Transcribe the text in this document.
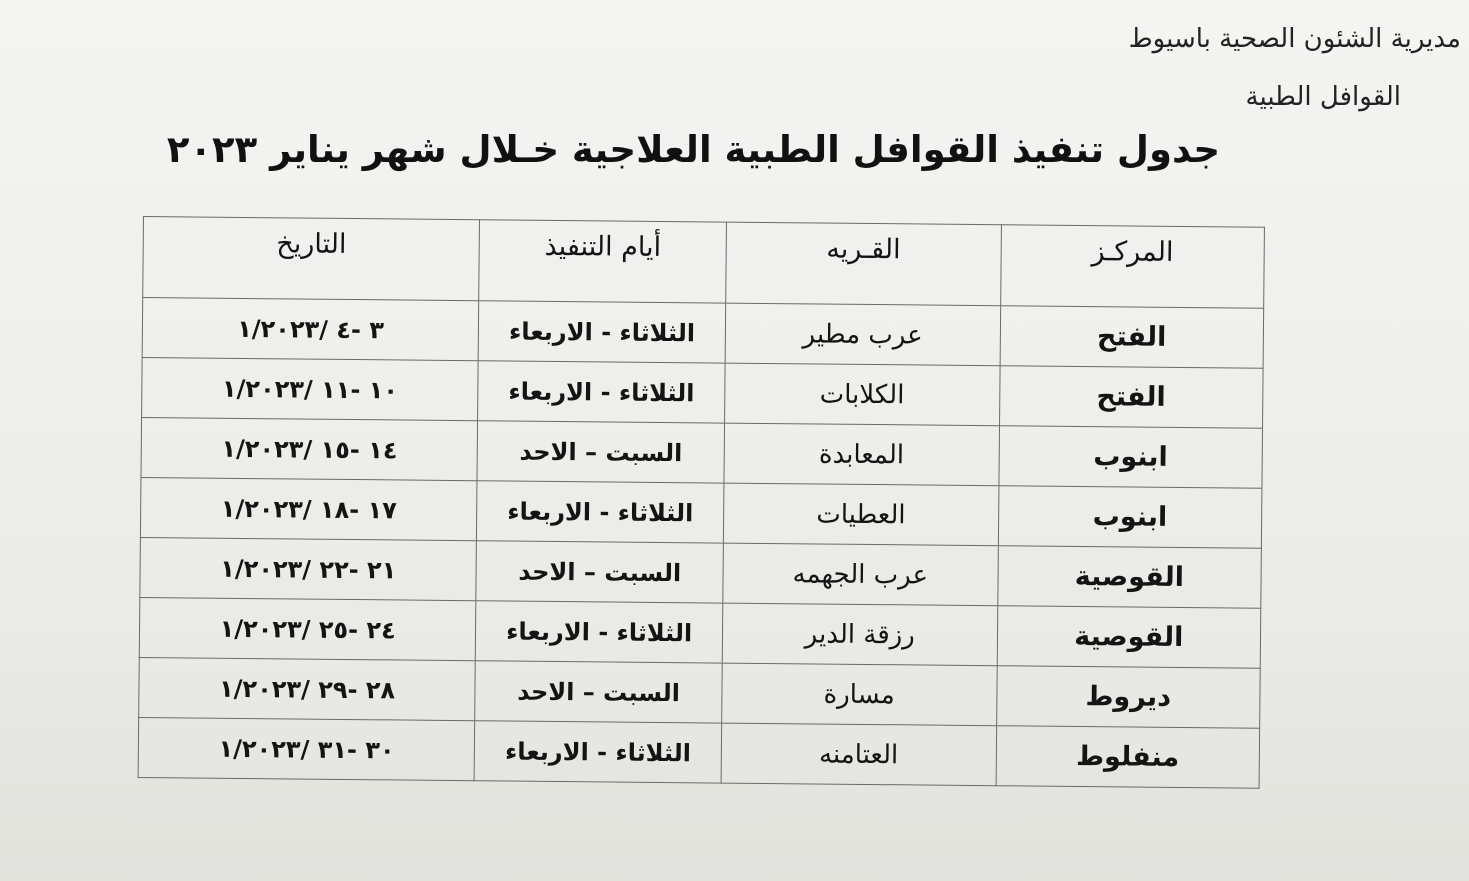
مديرية الشئون الصحية باسيوط
القوافل الطبية
جدول تنفيذ القوافل الطبية العلاجية خـلال شهر يناير ٢٠٢٣
المركـز	القـريه	أيام التنفيذ	التاريخ
الفتح	عرب مطير	الثلاثاء - الاربعاء	٣ -٤ /١/٢٠٢٣
الفتح	الكلابات	الثلاثاء - الاربعاء	١٠ -١١ /١/٢٠٢٣
ابنوب	المعابدة	السبت – الاحد	١٤ -١٥ /١/٢٠٢٣
ابنوب	العطيات	الثلاثاء - الاربعاء	١٧ -١٨ /١/٢٠٢٣
القوصية	عرب الجهمه	السبت – الاحد	٢١ -٢٢ /١/٢٠٢٣
القوصية	رزقة الدير	الثلاثاء - الاربعاء	٢٤ -٢٥ /١/٢٠٢٣
ديروط	مسارة	السبت – الاحد	٢٨ -٢٩ /١/٢٠٢٣
منفلوط	العتامنه	الثلاثاء - الاربعاء	٣٠ -٣١ /١/٢٠٢٣
